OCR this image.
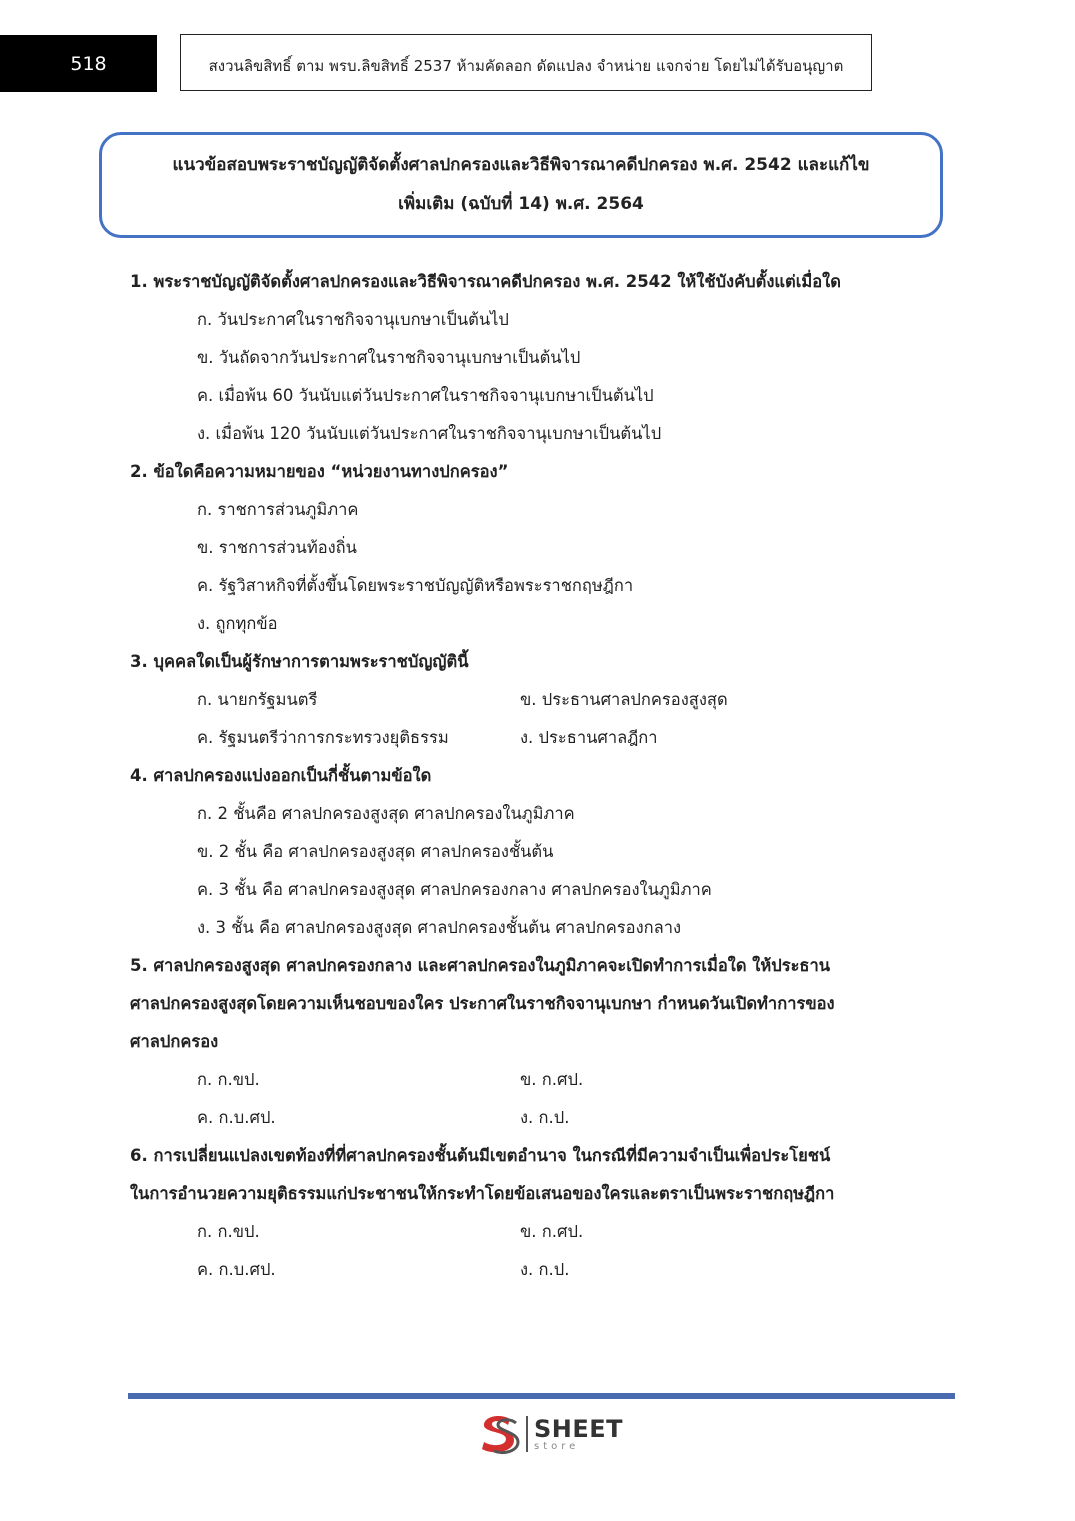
518	สงวนลิขสิทธิ์ ตาม พรบ.ลิขสิทธิ์ 2537 ห้ามคัดลอก ดัดแปลง จำหน่าย แจกจ่าย โดยไม่ได้รับอนุญาต
แนวข้อสอบพระราชบัญญัติจัดตั้งศาลปกครองและวิธีพิจารณาคดีปกครอง พ.ศ. 2542 และแก้ไข
เพิ่มเติม (ฉบับที่ 14) พ.ศ. 2564
1. พระราชบัญญัติจัดตั้งศาลปกครองและวิธีพิจารณาคดีปกครอง พ.ศ. 2542 ให้ใช้บังคับตั้งแต่เมื่อใด
ก. วันประกาศในราชกิจจานุเบกษาเป็นต้นไป
ข. วันถัดจากวันประกาศในราชกิจจานุเบกษาเป็นต้นไป
ค. เมื่อพ้น 60 วันนับแต่วันประกาศในราชกิจจานุเบกษาเป็นต้นไป
ง. เมื่อพ้น 120 วันนับแต่วันประกาศในราชกิจจานุเบกษาเป็นต้นไป
2. ข้อใดคือความหมายของ “หน่วยงานทางปกครอง”
ก. ราชการส่วนภูมิภาค
ข. ราชการส่วนท้องถิ่น
ค. รัฐวิสาหกิจที่ตั้งขึ้นโดยพระราชบัญญัติหรือพระราชกฤษฎีกา
ง. ถูกทุกข้อ
3. บุคคลใดเป็นผู้รักษาการตามพระราชบัญญัตินี้
ก. นายกรัฐมนตรี	ข. ประธานศาลปกครองสูงสุด
ค. รัฐมนตรีว่าการกระทรวงยุติธรรม	ง. ประธานศาลฎีกา
4. ศาลปกครองแบ่งออกเป็นกี่ชั้นตามข้อใด
ก. 2 ชั้นคือ ศาลปกครองสูงสุด ศาลปกครองในภูมิภาค
ข. 2 ชั้น คือ ศาลปกครองสูงสุด ศาลปกครองชั้นต้น
ค. 3 ชั้น คือ ศาลปกครองสูงสุด ศาลปกครองกลาง ศาลปกครองในภูมิภาค
ง. 3 ชั้น คือ ศาลปกครองสูงสุด ศาลปกครองชั้นต้น ศาลปกครองกลาง
5. ศาลปกครองสูงสุด ศาลปกครองกลาง และศาลปกครองในภูมิภาคจะเปิดทำการเมื่อใด ให้ประธาน
ศาลปกครองสูงสุดโดยความเห็นชอบของใคร ประกาศในราชกิจจานุเบกษา กำหนดวันเปิดทำการของ
ศาลปกครอง
ก. ก.ขป.	ข. ก.ศป.
ค. ก.บ.ศป.	ง. ก.ป.
6. การเปลี่ยนแปลงเขตท้องที่ที่ศาลปกครองชั้นต้นมีเขตอำนาจ ในกรณีที่มีความจำเป็นเพื่อประโยชน์
ในการอำนวยความยุติธรรมแก่ประชาชนให้กระทำโดยข้อเสนอของใครและตราเป็นพระราชกฤษฎีกา
ก. ก.ขป.	ข. ก.ศป.
ค. ก.บ.ศป.	ง. ก.ป.
SHEET
store
